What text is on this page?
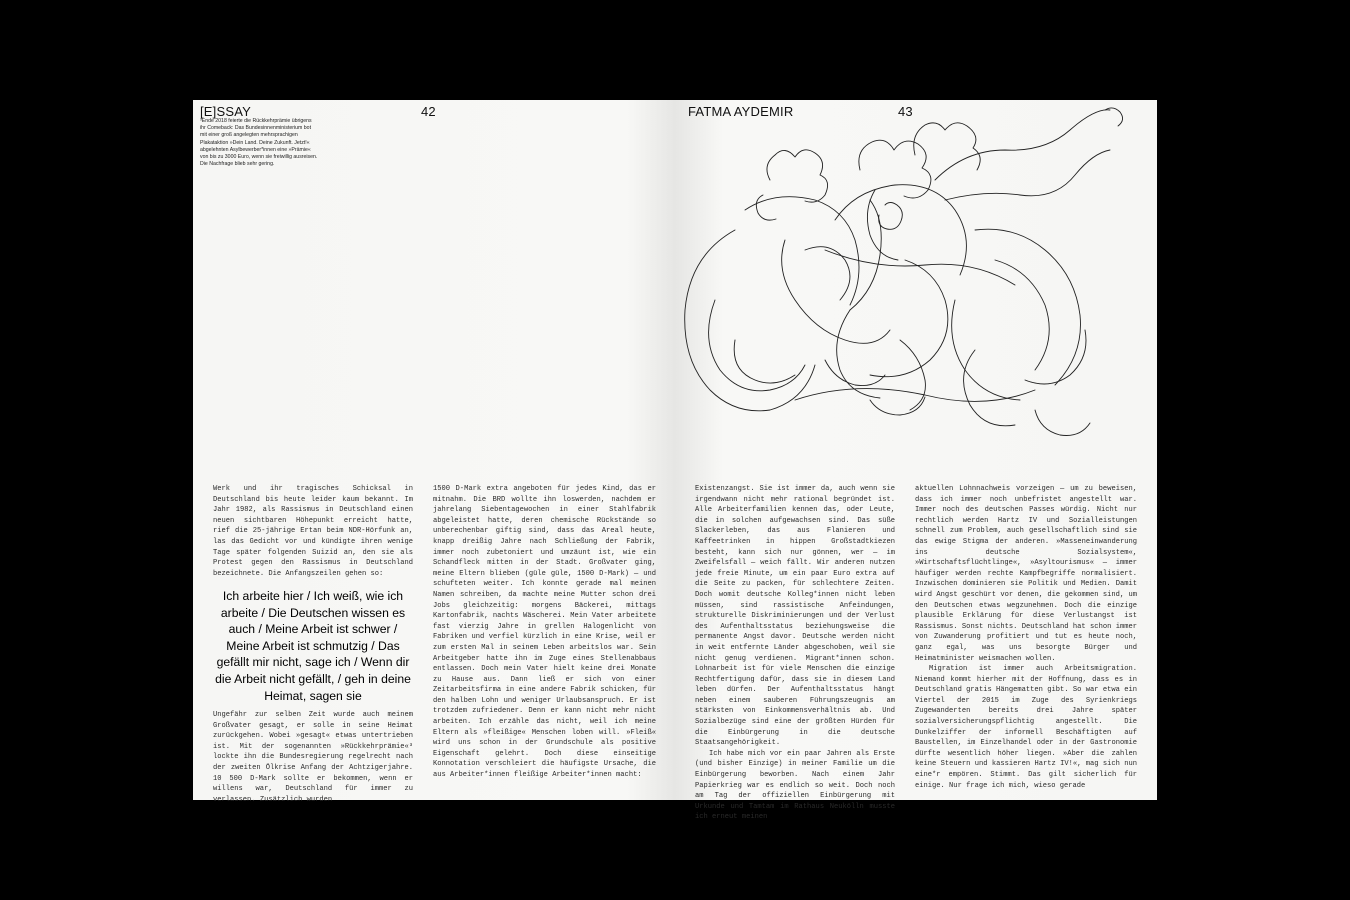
[E]SSAY	42
³Ende 2018 feierte die Rückkehrprämie übrigens ihr Comeback: Das Bundesinnenministerium bot mit einer groß angelegten mehrsprachigen Plakataktion »Dein Land. Deine Zukunft. Jetzt!« abgelehnten Asylbewerber*innen eine »Prämie« von bis zu 3000 Euro, wenn sie freiwillig ausreisen. Die Nachfrage blieb sehr gering.

Werk und ihr tragisches Schicksal in Deutschland bis heute leider kaum bekannt. Im Jahr 1982, als Rassismus in Deutschland einen neuen sichtbaren Höhepunkt erreicht hatte, rief die 25-jährige Ertan beim NDR-Hörfunk an, las das Gedicht vor und kündigte ihren wenige Tage später folgenden Suizid an, den sie als Protest gegen den Rassismus in Deutschland bezeichnete. Die Anfangszeilen gehen so:

Ich arbeite hier / Ich weiß, wie ich arbeite / Die Deutschen wissen es auch / Meine Arbeit ist schwer / Meine Arbeit ist schmutzig / Das gefällt mir nicht, sage ich / Wenn dir die Arbeit nicht gefällt, / geh in deine Heimat, sagen sie

Ungefähr zur selben Zeit wurde auch meinem Großvater gesagt, er solle in seine Heimat zurückgehen. Wobei »gesagt« etwas untertrieben ist. Mit der sogenannten »Rückkehrprämie«³ lockte ihn die Bundesregierung regelrecht nach der zweiten Ölkrise Anfang der Achtzigerjahre. 10 500 D-Mark sollte er bekommen, wenn er willens war, Deutschland für immer zu verlassen. Zusätzlich wurden

1500 D-Mark extra angeboten für jedes Kind, das er mitnahm. Die BRD wollte ihn loswerden, nachdem er jahrelang Siebentagewochen in einer Stahlfabrik abgeleistet hatte, deren chemische Rückstände so unberechenbar giftig sind, dass das Areal heute, knapp dreißig Jahre nach Schließung der Fabrik, immer noch zubetoniert und umzäunt ist, wie ein Schandfleck mitten in der Stadt. Großvater ging, meine Eltern blieben (güle güle, 1500 D-Mark) — und schufteten weiter. Ich konnte gerade mal meinen Namen schreiben, da machte meine Mutter schon drei Jobs gleichzeitig: morgens Bäckerei, mittags Kartonfabrik, nachts Wäscherei. Mein Vater arbeitete fast vierzig Jahre in grellen Halogenlicht von Fabriken und verfiel kürzlich in eine Krise, weil er zum ersten Mal in seinem Leben arbeitslos war. Sein Arbeitgeber hatte ihn im Zuge eines Stellenabbaus entlassen. Doch mein Vater hielt keine drei Monate zu Hause aus. Dann ließ er sich von einer Zeitarbeitsfirma in eine andere Fabrik schicken, für den halben Lohn und weniger Urlaubsanspruch. Er ist trotzdem zufriedener. Denn er kann nicht mehr nicht arbeiten. Ich erzähle das nicht, weil ich meine Eltern als »fleißige« Menschen loben will. »Fleiß« wird uns schon in der Grundschule als positive Eigenschaft gelehrt. Doch diese einseitige Konnotation verschleiert die häufigste Ursache, die aus Arbeiter*innen fleißige Arbeiter*innen macht:

FATMA AYDEMIR	43

Existenzangst. Sie ist immer da, auch wenn sie irgendwann nicht mehr rational begründet ist. Alle Arbeiterfamilien kennen das, oder Leute, die in solchen aufgewachsen sind. Das süße Slackerleben, das aus Flanieren und Kaffeetrinken in hippen Großstadtkiezen besteht, kann sich nur gönnen, wer — im Zweifelsfall — weich fällt. Wir anderen nutzen jede freie Minute, um ein paar Euro extra auf die Seite zu packen, für schlechtere Zeiten. Doch womit deutsche Kolleg*innen nicht leben müssen, sind rassistische Anfeindungen, strukturelle Diskriminierungen und der Verlust des Aufenthaltsstatus beziehungsweise die permanente Angst davor. Deutsche werden nicht in weit entfernte Länder abgeschoben, weil sie nicht genug verdienen. Migrant*innen schon. Lohnarbeit ist für viele Menschen die einzige Rechtfertigung dafür, dass sie in diesem Land leben dürfen. Der Aufenthaltsstatus hängt neben einem sauberen Führungszeugnis am stärksten von Einkommensverhältnis ab. Und Sozialbezüge sind eine der größten Hürden für die Einbürgerung in die deutsche Staatsangehörigkeit.

Ich habe mich vor ein paar Jahren als Erste (und bisher Einzige) in meiner Familie um die Einbürgerung beworben. Nach einem Jahr Papierkrieg war es endlich so weit. Doch noch am Tag der offiziellen Einbürgerung mit Urkunde und Tamtam im Rathaus Neukölln musste ich erneut meinen

aktuellen Lohnnachweis vorzeigen — um zu beweisen, dass ich immer noch unbefristet angestellt war. Immer noch des deutschen Passes würdig. Nicht nur rechtlich werden Hartz IV und Sozialleistungen schnell zum Problem, auch gesellschaftlich sind sie das ewige Stigma der anderen. »Masseneinwanderung ins deutsche Sozialsystem«, »Wirtschaftsflüchtlinge«, »Asyltourismus« — immer häufiger werden rechte Kampfbegriffe normalisiert. Inzwischen dominieren sie Politik und Medien. Damit wird Angst geschürt vor denen, die gekommen sind, um den Deutschen etwas wegzunehmen. Doch die einzige plausible Erklärung für diese Verlustangst ist Rassismus. Sonst nichts. Deutschland hat schon immer von Zuwanderung profitiert und tut es heute noch, ganz egal, was uns besorgte Bürger und Heimatminister weismachen wollen.

Migration ist immer auch Arbeitsmigration. Niemand kommt hierher mit der Hoffnung, dass es in Deutschland gratis Hängematten gibt. So war etwa ein Viertel der 2015 im Zuge des Syrienkriegs Zugewanderten bereits drei Jahre später sozialversicherungspflichtig angestellt. Die Dunkelziffer der informell Beschäftigten auf Baustellen, im Einzelhandel oder in der Gastronomie dürfte wesentlich höher liegen. »Aber die zahlen keine Steuern und kassieren Hartz IV!«, mag sich nun eine*r empören. Stimmt. Das gilt sicherlich für einige. Nur frage ich mich, wieso gerade
